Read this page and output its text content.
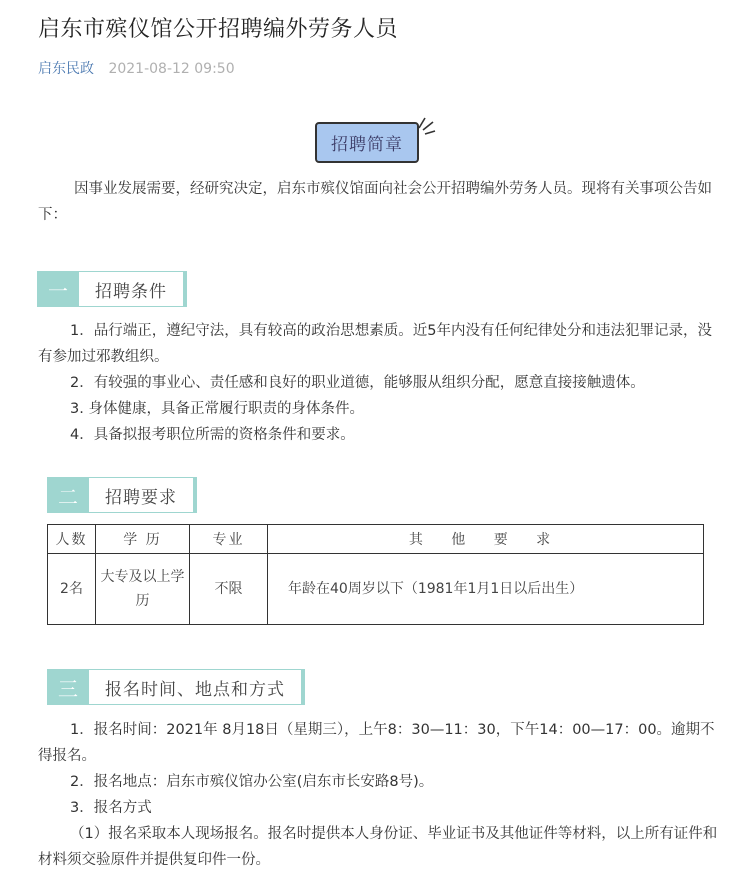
启东市殡仪馆公开招聘编外劳务人员
启东民政 2021-08-12 09:50
招聘简章

因事业发展需要，经研究决定，启东市殡仪馆面向社会公开招聘编外劳务人员。现将有关事项公告如下：

一	招聘条件

1．品行端正，遵纪守法，具有较高的政治思想素质。近5年内没有任何纪律处分和违法犯罪记录，没有参加过邪教组织。

2．有较强的事业心、责任感和良好的职业道德，能够服从组织分配，愿意直接接触遗体。

3. 身体健康，具备正常履行职责的身体条件。

4．具备拟报考职位所需的资格条件和要求。

二	招聘要求
人数	学 历	专业	其 他 要 求
2名	大专及以上学历	不限	年龄在40周岁以下（1981年1月1日以后出生）
三	报名时间、地点和方式

1．报名时间：2021年 8月18日（星期三），上午8：30—11：30，下午14：00—17：00。逾期不得报名。

2．报名地点：启东市殡仪馆办公室(启东市长安路8号)。

3．报名方式

（1）报名采取本人现场报名。报名时提供本人身份证、毕业证书及其他证件等材料，以上所有证件和材料须交验原件并提供复印件一份。
